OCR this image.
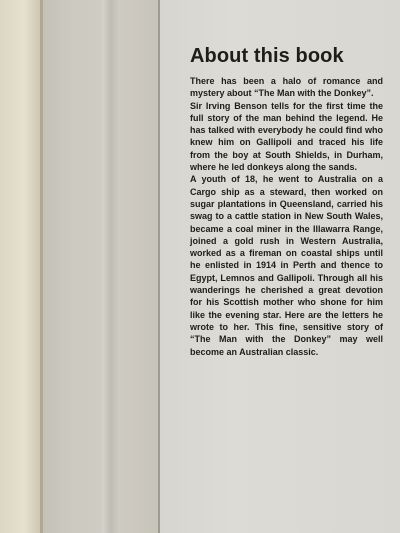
About this book

There has been a halo of romance and mystery about “The Man with the Donkey”.

Sir Irving Benson tells for the first time the full story of the man behind the legend. He has talked with everybody he could find who knew him on Gallipoli and traced his life from the boy at South Shields, in Durham, where he led donkeys along the sands.

A youth of 18, he went to Australia on a Cargo ship as a steward, then worked on sugar plantations in Queensland, carried his swag to a cattle station in New South Wales, became a coal miner in the Illawarra Range, joined a gold rush in Western Australia, worked as a fireman on coastal ships until he enlisted in 1914 in Perth and thence to Egypt, Lemnos and Gallipoli. Through all his wanderings he cherished a great devotion for his Scottish mother who shone for him like the evening star. Here are the letters he wrote to her. This fine, sensitive story of “The Man with the Donkey” may well become an Australian classic.
